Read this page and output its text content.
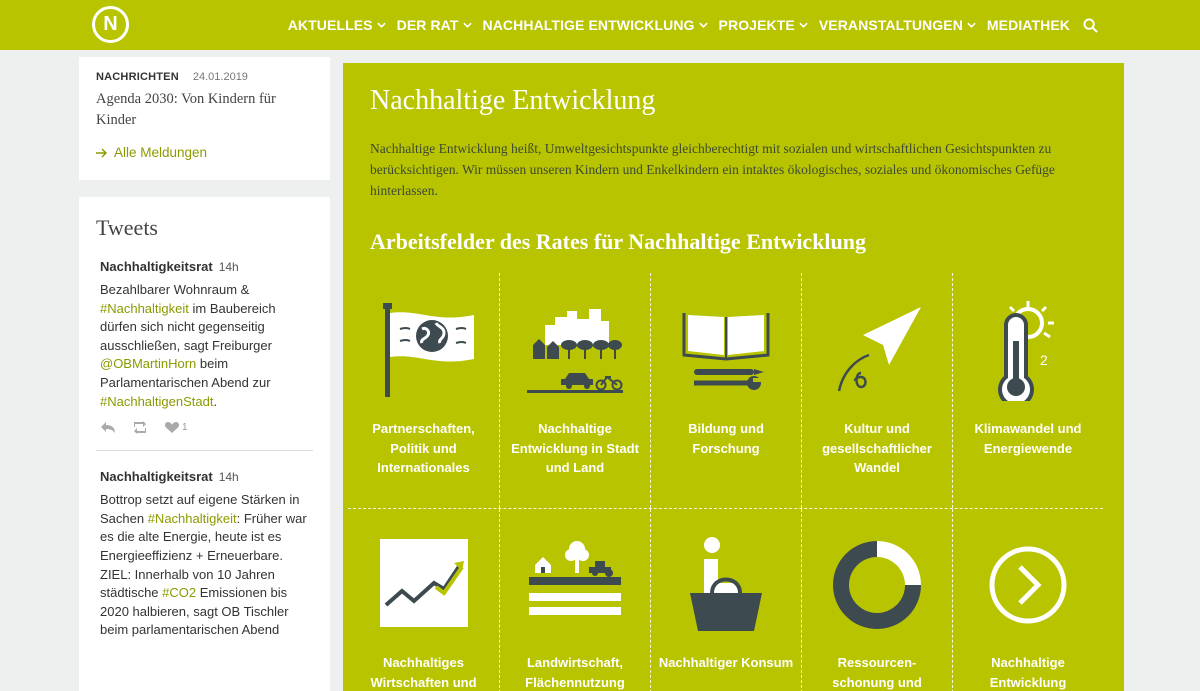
N	AKTUELLES DER RAT NACHHALTIGE ENTWICKLUNG PROJEKTE VERANSTALTUNGEN MEDIATHEK
NACHRICHTEN 24.01.2019
Agenda 2030: Von Kindern für Kinder
Alle Meldungen
Tweets
Nachhaltigkeitsrat 14h
Bezahlbarer Wohnraum & #Nachhaltigkeit im Baubereich dürfen sich nicht gegenseitig ausschließen, sagt Freiburger @OBMartinHorn beim Parlamentarischen Abend zur #NachhaltigenStadt.
1
Nachhaltigkeitsrat 14h
Bottrop setzt auf eigene Stärken in Sachen #Nachhaltigkeit: Früher war es die alte Energie, heute ist es Energieeffizienz + Erneuerbare. ZIEL: Innerhalb von 10 Jahren städtische #CO2 Emissionen bis 2020 halbieren, sagt OB Tischler beim parlamentarischen Abend
Nachhaltige Entwicklung

Nachhaltige Entwicklung heißt, Umweltgesichtspunkte gleichberechtigt mit sozialen und wirtschaftlichen Gesichtspunkten zu berücksichtigen. Wir müssen unseren Kindern und Enkelkindern ein intaktes ökologisches, soziales und ökonomisches Gefüge hinterlassen.

Arbeitsfelder des Rates für Nachhaltige Entwicklung
Partnerschaften, Politik und Internationales
Nachhaltige Entwicklung in Stadt und Land
Bildung und Forschung
Kultur und gesellschaftlicher Wandel
2
Klimawandel und Energiewende
Nachhaltiges Wirtschaften und
Landwirtschaft, Flächennutzung
Nachhaltiger Konsum	Ressourcen-schonung und
Nachhaltige Entwicklung
